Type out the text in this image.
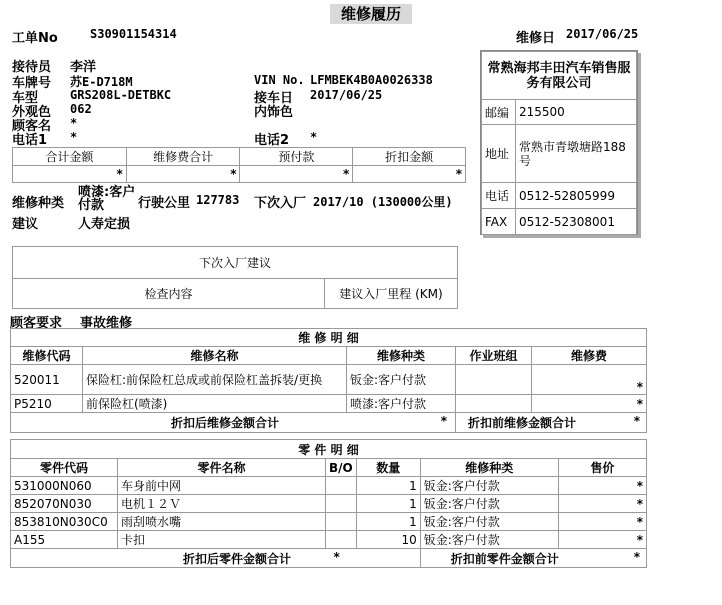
维修履历
工单No	S30901154314	维修日 2017/06/25
接待员 李洋
车牌号 苏E-D718M	VIN No. LFMBEK4B0A0026338
车型	GRS208L-DETBKC	接车日 2017/06/25
外观色 062	内饰色
顾客名 *
电话1 *	电话2 *
合计金额	维修费合计	预付款	折扣金额
*	*	*	*
维修种类
喷漆:客户付款	行驶公里 127783 下次入厂 2017/10 (130000公里)
建议	人寿定损
常熟海邦丰田汽车销售服务有限公司	
邮编	215500
地址	常熟市青墩塘路188号
电话	0512-52805999
FAX	0512-52308001
下次入厂建议
检查内容	建议入厂里程 (KM)
顾客要求 事故维修
维 修 明 细				
维修代码	维修名称	维修种类	作业班组	维修费
520011	保险杠:前保险杠总成或前保险杠盖拆装/更换	钣金:客户付款		*
P5210	前保险杠(喷漆)	喷漆:客户付款		*

折扣后维修金额合计 *			折扣前维修金额合计 *	
零 件 明 细					
零件代码	零件名称	B/O	数量	维修种类	售价
531000N060	车身前中网		1	钣金:客户付款	*
852070N030	电机１２Ｖ		1	钣金:客户付款	*
853810N030C0	雨刮喷水嘴		1	钣金:客户付款	*
A155	卡扣		10	钣金:客户付款	*

折扣后零件金额合计 *				折扣前零件金额合计 *	
